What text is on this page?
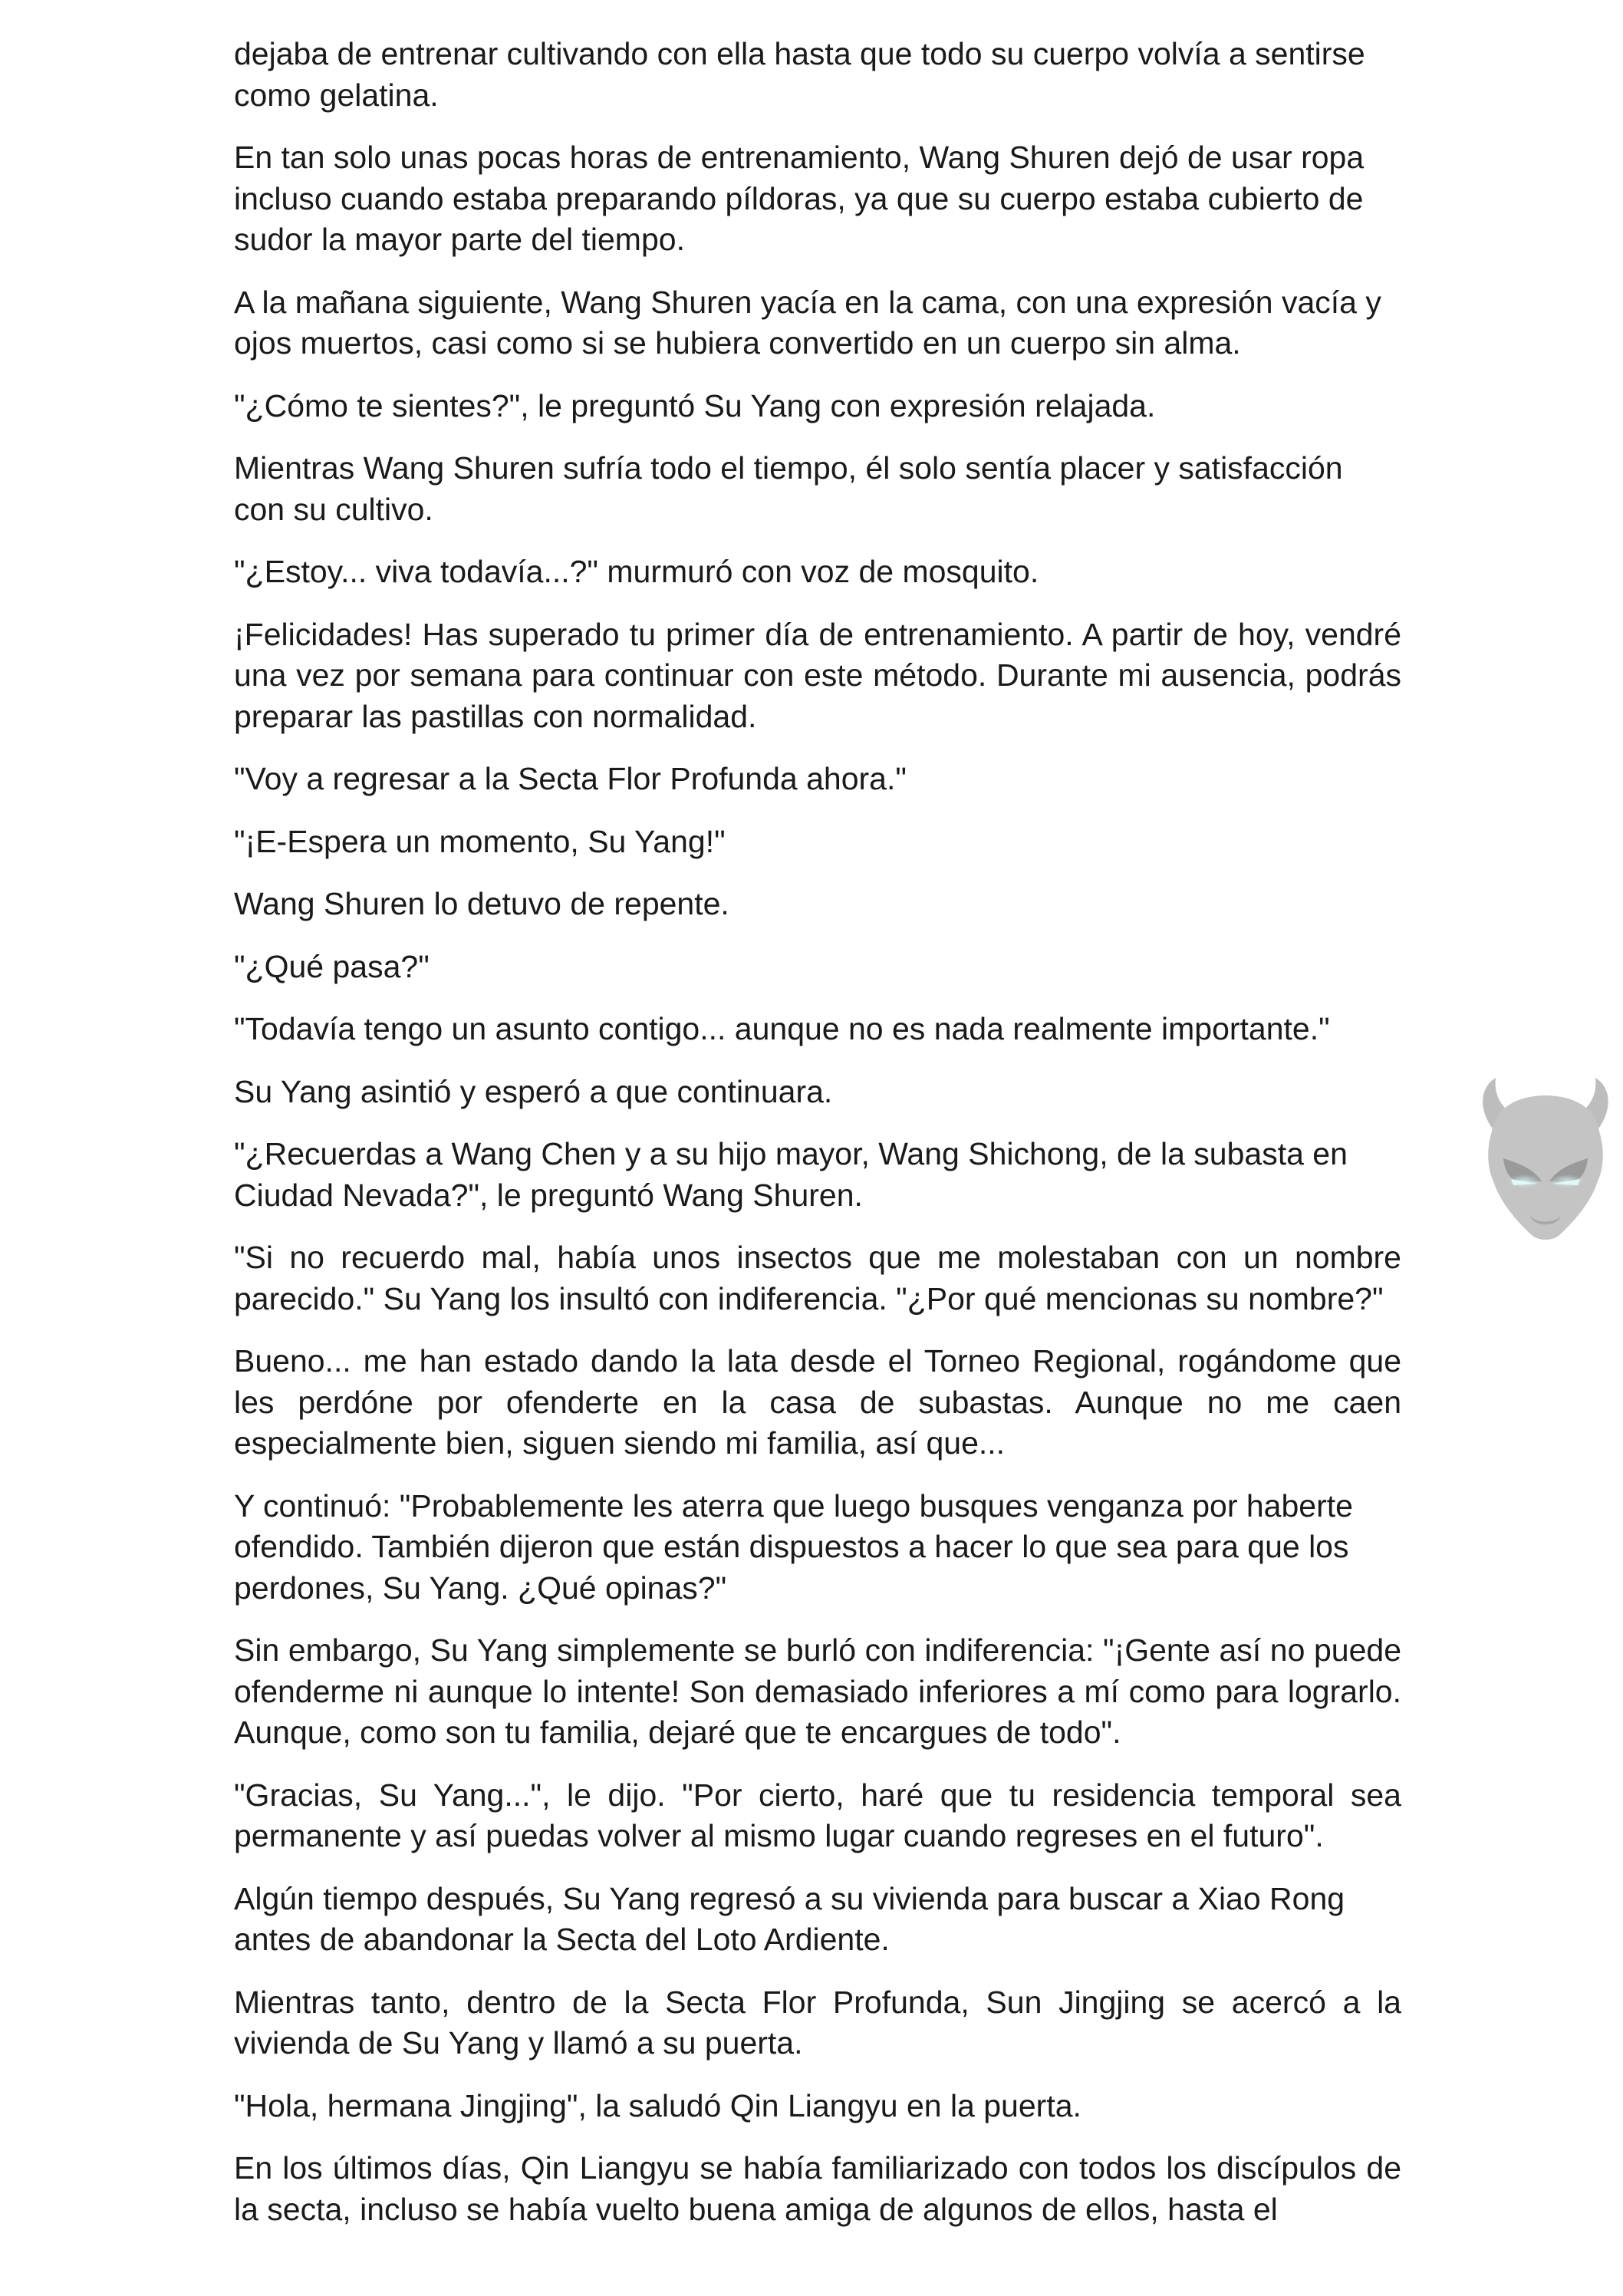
dejaba de entrenar cultivando con ella hasta que todo su cuerpo volvía a sentirse como gelatina.

En tan solo unas pocas horas de entrenamiento, Wang Shuren dejó de usar ropa incluso cuando estaba preparando píldoras, ya que su cuerpo estaba cubierto de sudor la mayor parte del tiempo.

A la mañana siguiente, Wang Shuren yacía en la cama, con una expresión vacía y ojos muertos, casi como si se hubiera convertido en un cuerpo sin alma.

"¿Cómo te sientes?", le preguntó Su Yang con expresión relajada.

Mientras Wang Shuren sufría todo el tiempo, él solo sentía placer y satisfacción con su cultivo.

"¿Estoy... viva todavía...?" murmuró con voz de mosquito.

¡Felicidades! Has superado tu primer día de entrenamiento. A partir de hoy, vendré una vez por semana para continuar con este método. Durante mi ausencia, podrás preparar las pastillas con normalidad.

"Voy a regresar a la Secta Flor Profunda ahora."

"¡E-Espera un momento, Su Yang!"

Wang Shuren lo detuvo de repente.

"¿Qué pasa?"

"Todavía tengo un asunto contigo... aunque no es nada realmente importante."

Su Yang asintió y esperó a que continuara.

"¿Recuerdas a Wang Chen y a su hijo mayor, Wang Shichong, de la subasta en Ciudad Nevada?", le preguntó Wang Shuren.

"Si no recuerdo mal, había unos insectos que me molestaban con un nombre parecido." Su Yang los insultó con indiferencia. "¿Por qué mencionas su nombre?"

Bueno... me han estado dando la lata desde el Torneo Regional, rogándome que les perdóne por ofenderte en la casa de subastas. Aunque no me caen especialmente bien, siguen siendo mi familia, así que...

Y continuó: "Probablemente les aterra que luego busques venganza por haberte ofendido. También dijeron que están dispuestos a hacer lo que sea para que los perdones, Su Yang. ¿Qué opinas?"

Sin embargo, Su Yang simplemente se burló con indiferencia: "¡Gente así no puede ofenderme ni aunque lo intente! Son demasiado inferiores a mí como para lograrlo. Aunque, como son tu familia, dejaré que te encargues de todo".

"Gracias, Su Yang...", le dijo. "Por cierto, haré que tu residencia temporal sea permanente y así puedas volver al mismo lugar cuando regreses en el futuro".

Algún tiempo después, Su Yang regresó a su vivienda para buscar a Xiao Rong antes de abandonar la Secta del Loto Ardiente.

Mientras tanto, dentro de la Secta Flor Profunda, Sun Jingjing se acercó a la vivienda de Su Yang y llamó a su puerta.

"Hola, hermana Jingjing", la saludó Qin Liangyu en la puerta.

En los últimos días, Qin Liangyu se había familiarizado con todos los discípulos de la secta, incluso se había vuelto buena amiga de algunos de ellos, hasta el
